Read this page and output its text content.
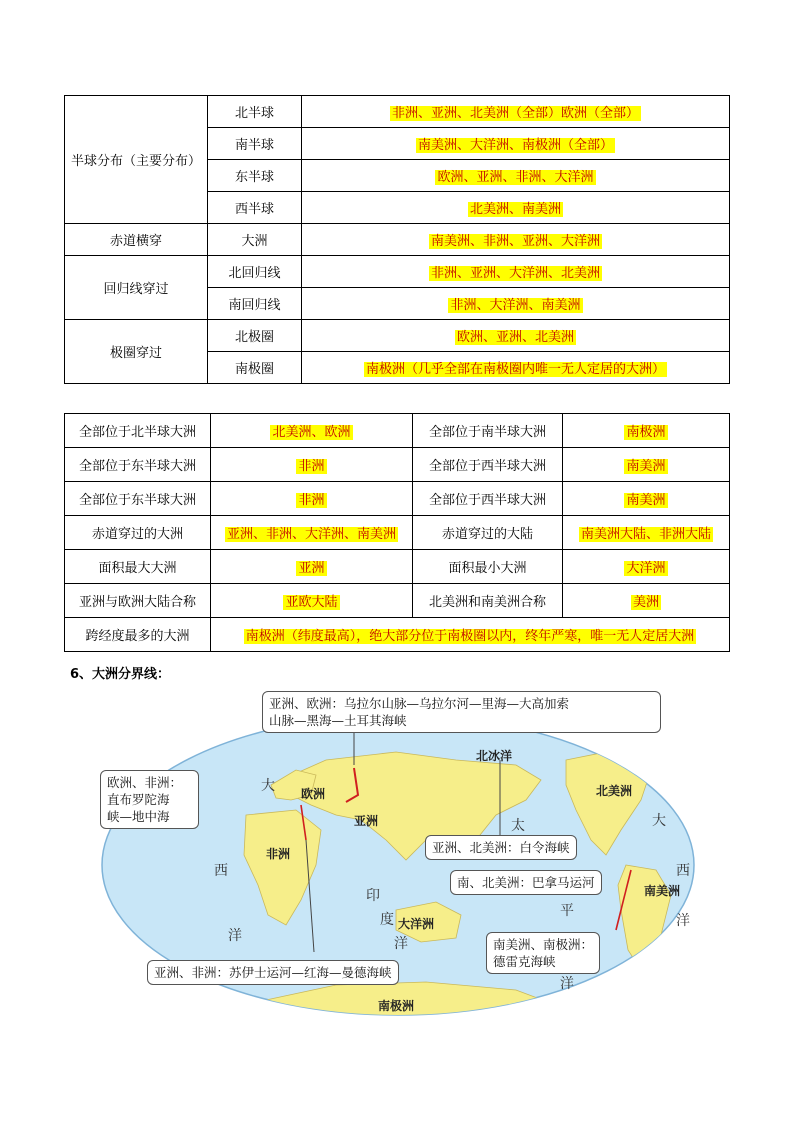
半球分布（主要分布）	北半球	非洲、亚洲、北美洲（全部）欧洲（全部）
	南半球	南美洲、大洋洲、南极洲（全部）
	东半球	欧洲、亚洲、非洲、大洋洲
	西半球	北美洲、南美洲
赤道横穿	大洲	南美洲、非洲、亚洲、大洋洲
回归线穿过	北回归线	非洲、亚洲、大洋洲、北美洲
	南回归线	非洲、大洋洲、南美洲
极圈穿过	北极圈	欧洲、亚洲、北美洲
	南极圈	南极洲（几乎全部在南极圈内唯一无人定居的大洲）
全部位于北半球大洲	北美洲、欧洲	全部位于南半球大洲	南极洲
全部位于东半球大洲	非洲	全部位于西半球大洲	南美洲
全部位于东半球大洲	非洲	全部位于西半球大洲	南美洲
赤道穿过的大洲	亚洲、非洲、大洋洲、南美洲	赤道穿过的大陆	南美洲大陆、非洲大陆
面积最大大洲	亚洲	面积最小大洲	大洋洲
亚洲与欧洲大陆合称	亚欧大陆	北美洲和南美洲合称	美洲
跨经度最多的大洲	南极洲（纬度最高），绝大部分位于南极圈以内，终年严寒，唯一无人定居大洲		
6、大洲分界线：
欧洲
亚洲
非洲
大洋洲
南极洲
北冰洋
北美洲
南美洲
大
西
洋
印
度
洋
太
平
洋
大
西
洋
亚洲、欧洲：乌拉尔山脉—乌拉尔河—里海—大高加索
山脉—黑海—土耳其海峡
欧洲、非洲：
直布罗陀海
峡—地中海
亚洲、北美洲：白令海峡
南、北美洲：巴拿马运河
南美洲、南极洲：
德雷克海峡
亚洲、非洲：苏伊士运河—红海—曼德海峡
